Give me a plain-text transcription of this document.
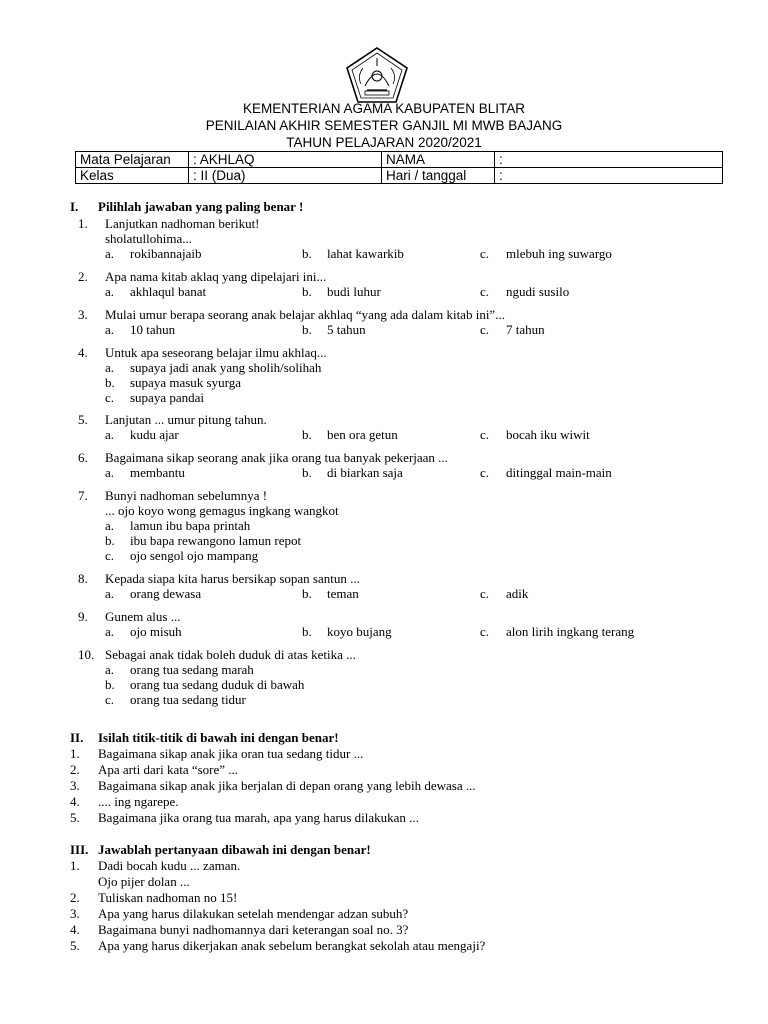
KEMENTERIAN AGAMA KABUPATEN BLITAR
PENILAIAN AKHIR SEMESTER GANJIL MI MWB BAJANG
TAHUN PELAJARAN 2020/2021
Mata Pelajaran	: AKHLAQ	NAMA	:
Kelas	: II (Dua)	Hari / tanggal	:
I. Pilihlah jawaban yang paling benar !
1. Lanjutkan nadhoman berikut!
sholatullohima...
a. rokibannajaib	b. lahat kawarkib	c. mlebuh ing suwargo
2. Apa nama kitab aklaq yang dipelajari ini...
a. akhlaqul banat	b. budi luhur	c. ngudi susilo
3. Mulai umur berapa seorang anak belajar akhlaq “yang ada dalam kitab ini”...
a. 10 tahun	b. 5 tahun	c. 7 tahun
4. Untuk apa seseorang belajar ilmu akhlaq...
a. supaya jadi anak yang sholih/solihah
b. supaya masuk syurga
c. supaya pandai
5. Lanjutan ... umur pitung tahun.
a. kudu ajar	b. ben ora getun	c. bocah iku wiwit
6. Bagaimana sikap seorang anak jika orang tua banyak pekerjaan ...
a. membantu	b. di biarkan saja	c. ditinggal main-main
7. Bunyi nadhoman sebelumnya !
... ojo koyo wong gemagus ingkang wangkot
a. lamun ibu bapa printah
b. ibu bapa rewangono lamun repot
c. ojo sengol ojo mampang
8. Kepada siapa kita harus bersikap sopan santun ...
a. orang dewasa	b. teman	c. adik
9. Gunem alus ...
a. ojo misuh	b. koyo bujang	c. alon lirih ingkang terang
10. Sebagai anak tidak boleh duduk di atas ketika ...
a. orang tua sedang marah
b. orang tua sedang duduk di bawah
c. orang tua sedang tidur
II. Isilah titik-titik di bawah ini dengan benar!
1. Bagaimana sikap anak jika oran tua sedang tidur ...
2. Apa arti dari kata “sore” ...
3. Bagaimana sikap anak jika berjalan di depan orang yang lebih dewasa ...
4. .... ing ngarepe.
5. Bagaimana jika orang tua marah, apa yang harus dilakukan ...
III. Jawablah pertanyaan dibawah ini dengan benar!
1. Dadi bocah kudu ... zaman.
Ojo pijer dolan ...
2. Tuliskan nadhoman no 15!
3. Apa yang harus dilakukan setelah mendengar adzan subuh?
4. Bagaimana bunyi nadhomannya dari keterangan soal no. 3?
5. Apa yang harus dikerjakan anak sebelum berangkat sekolah atau mengaji?
